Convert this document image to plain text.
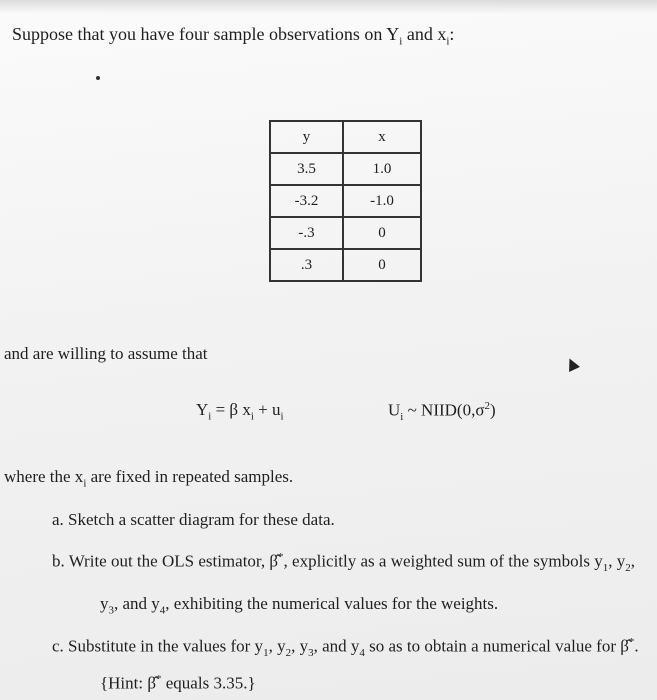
Suppose that you have four sample observations on $Y_i$ and $x_i$:
y	x
3.5	1.0
-3.2	-1.0
-.3	0
.3	0
and are willing to assume that
$Y_i = \beta$ $x_i + u_i$	$U_i$ ~ $NIID(0,\sigma^2)$
where the $x_i$ are fixed in repeated samples.
a. Sketch a scatter diagram for these data.
b. Write out the OLS estimator, β̂*, explicitly as a weighted sum of the symbols $y_1$, $y_2$,
$y_3$, and $y_4$, exhibiting the numerical values for the weights.
c. Substitute in the values for $y_1$, $y_2$, $y_3$, and $y_4$ so as to obtain a numerical value for β̂*.
{Hint: β̂* equals 3.35.}
